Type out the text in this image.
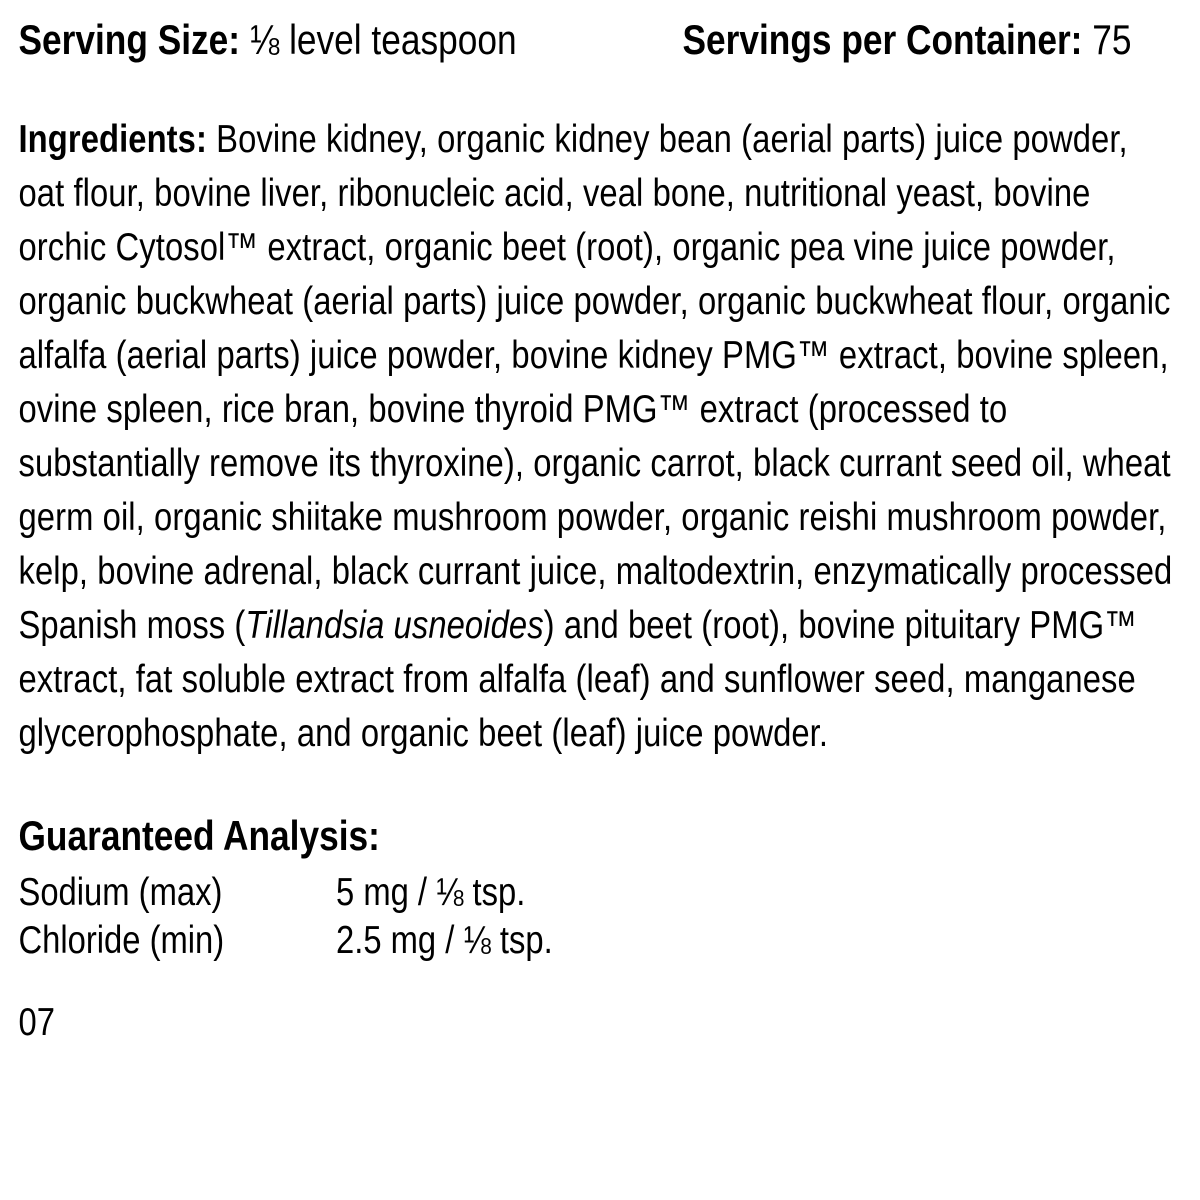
Serving Size: ⅛ level teaspoon	Servings per Container: 75
Ingredients: Bovine kidney, organic kidney bean (aerial parts) juice powder, oat flour, bovine liver, ribonucleic acid, veal bone, nutritional yeast, bovine orchic Cytosol™ extract, organic beet (root), organic pea vine juice powder, organic buckwheat (aerial parts) juice powder, organic buckwheat flour, organic alfalfa (aerial parts) juice powder, bovine kidney PMG™ extract, bovine spleen, ovine spleen, rice bran, bovine thyroid PMG™ extract (processed to substantially remove its thyroxine), organic carrot, black currant seed oil, wheat germ oil, organic shiitake mushroom powder, organic reishi mushroom powder, kelp, bovine adrenal, black currant juice, maltodextrin, enzymatically processed Spanish moss (Tillandsia usneoides) and beet (root), bovine pituitary PMG™ extract, fat soluble extract from alfalfa (leaf) and sunflower seed, manganese glycerophosphate, and organic beet (leaf) juice powder.
Guaranteed Analysis:
Sodium (max)	5 mg / ⅛ tsp.
Chloride (min)	2.5 mg / ⅛ tsp.
07
